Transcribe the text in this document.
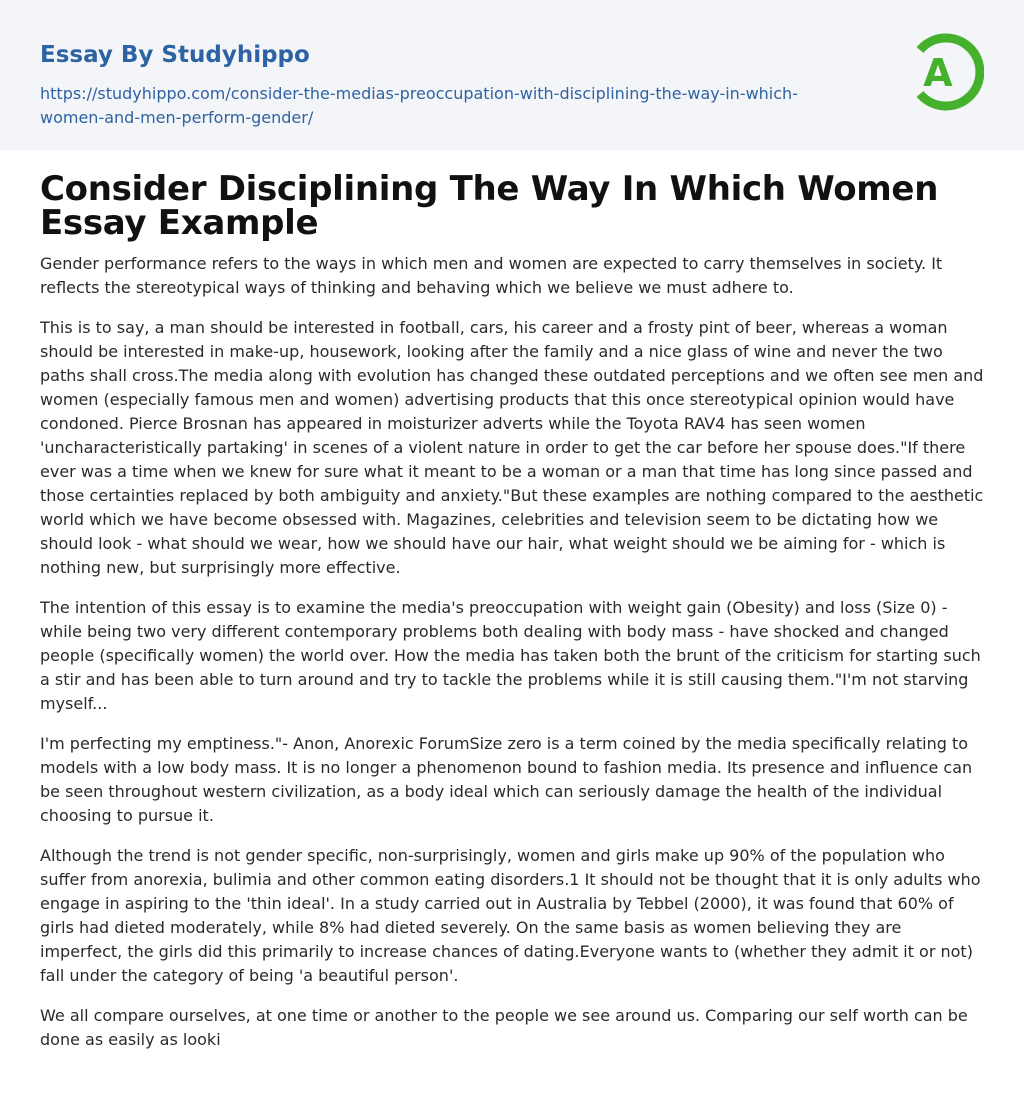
Essay By Studyhippo
https://studyhippo.com/consider-the-medias-preoccupation-with-disciplining-the-way-in-which-women-and-men-perform-gender/
A
Consider Disciplining The Way In Which Women Essay Example

Gender performance refers to the ways in which men and women are expected to carry themselves in society. It reflects the stereotypical ways of thinking and behaving which we believe we must adhere to.

This is to say, a man should be interested in football, cars, his career and a frosty pint of beer, whereas a woman should be interested in make-up, housework, looking after the family and a nice glass of wine and never the two paths shall cross.The media along with evolution has changed these outdated perceptions and we often see men and women (especially famous men and women) advertising products that this once stereotypical opinion would have condoned. Pierce Brosnan has appeared in moisturizer adverts while the Toyota RAV4 has seen women 'uncharacteristically partaking' in scenes of a violent nature in order to get the car before her spouse does."If there ever was a time when we knew for sure what it meant to be a woman or a man that time has long since passed and those certainties replaced by both ambiguity and anxiety."But these examples are nothing compared to the aesthetic world which we have become obsessed with. Magazines, celebrities and television seem to be dictating how we should look - what should we wear, how we should have our hair, what weight should we be aiming for - which is nothing new, but surprisingly more effective.

The intention of this essay is to examine the media's preoccupation with weight gain (Obesity) and loss (Size 0) - while being two very different contemporary problems both dealing with body mass - have shocked and changed people (specifically women) the world over. How the media has taken both the brunt of the criticism for starting such a stir and has been able to turn around and try to tackle the problems while it is still causing them."I'm not starving myself...

I'm perfecting my emptiness."- Anon, Anorexic ForumSize zero is a term coined by the media specifically relating to models with a low body mass. It is no longer a phenomenon bound to fashion media. Its presence and influence can be seen throughout western civilization, as a body ideal which can seriously damage the health of the individual choosing to pursue it.

Although the trend is not gender specific, non-surprisingly, women and girls make up 90% of the population who suffer from anorexia, bulimia and other common eating disorders.1 It should not be thought that it is only adults who engage in aspiring to the 'thin ideal'. In a study carried out in Australia by Tebbel (2000), it was found that 60% of girls had dieted moderately, while 8% had dieted severely. On the same basis as women believing they are imperfect, the girls did this primarily to increase chances of dating.Everyone wants to (whether they admit it or not) fall under the category of being 'a beautiful person'.

We all compare ourselves, at one time or another to the people we see around us. Comparing our self worth can be done as easily as looki
